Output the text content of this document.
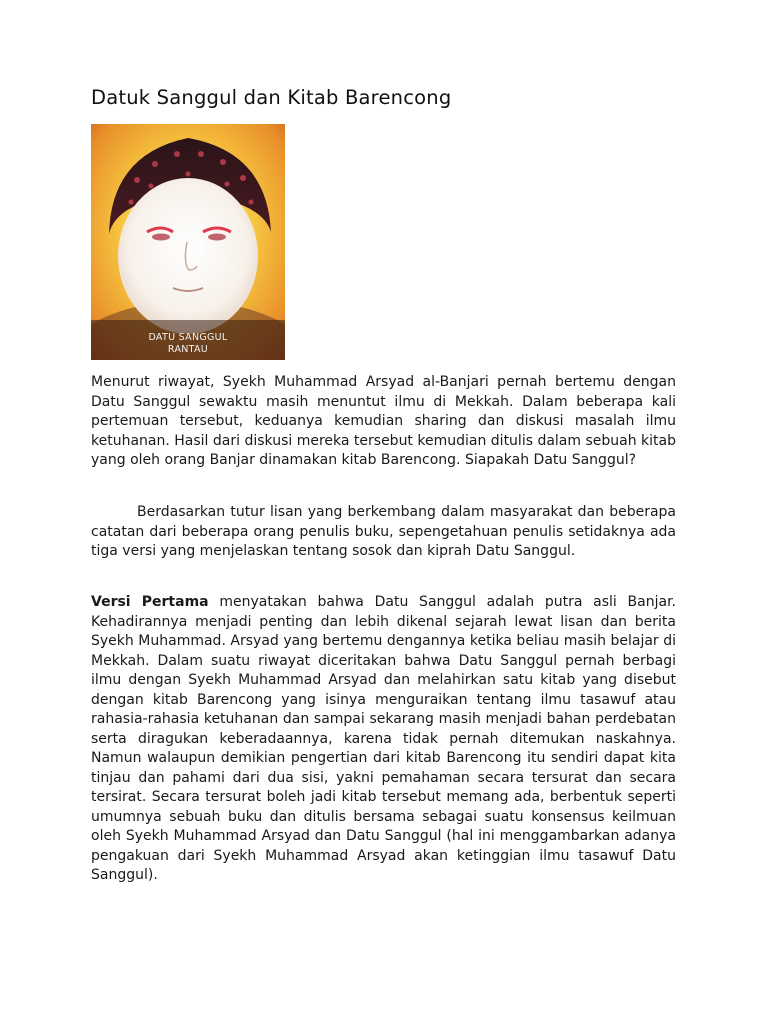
Datuk Sanggul dan Kitab Barencong
DATU SANGGUL
RANTAU

Menurut riwayat, Syekh Muhammad Arsyad al-Banjari pernah bertemu dengan Datu Sanggul sewaktu masih menuntut ilmu di Mekkah. Dalam beberapa kali pertemuan tersebut, keduanya kemudian sharing dan diskusi masalah ilmu ketuhanan. Hasil dari diskusi mereka tersebut kemudian ditulis dalam sebuah kitab yang oleh orang Banjar dinamakan kitab Barencong. Siapakah Datu Sanggul?

Berdasarkan tutur lisan yang berkembang dalam masyarakat dan beberapa catatan dari beberapa orang penulis buku, sepengetahuan penulis setidaknya ada tiga versi yang menjelaskan tentang sosok dan kiprah Datu Sanggul.

Versi Pertama menyatakan bahwa Datu Sanggul adalah putra asli Banjar. Kehadirannya menjadi penting dan lebih dikenal sejarah lewat lisan dan berita Syekh Muhammad. Arsyad yang bertemu dengannya ketika beliau masih belajar di Mekkah. Dalam suatu riwayat diceritakan bahwa Datu Sanggul pernah berbagi ilmu dengan Syekh Muhammad Arsyad dan melahirkan satu kitab yang disebut dengan kitab Barencong yang isinya menguraikan tentang ilmu tasawuf atau rahasia-rahasia ketuhanan dan sampai sekarang masih menjadi bahan perdebatan serta diragukan keberadaannya, karena tidak pernah ditemukan naskahnya. Namun walaupun demikian pengertian dari kitab Barencong itu sendiri dapat kita tinjau dan pahami dari dua sisi, yakni pemahaman secara tersurat dan secara tersirat. Secara tersurat boleh jadi kitab tersebut memang ada, berbentuk seperti umumnya sebuah buku dan ditulis bersama sebagai suatu konsensus keilmuan oleh Syekh Muhammad Arsyad dan Datu Sanggul (hal ini menggambarkan adanya pengakuan dari Syekh Muhammad Arsyad akan ketinggian ilmu tasawuf Datu Sanggul).
